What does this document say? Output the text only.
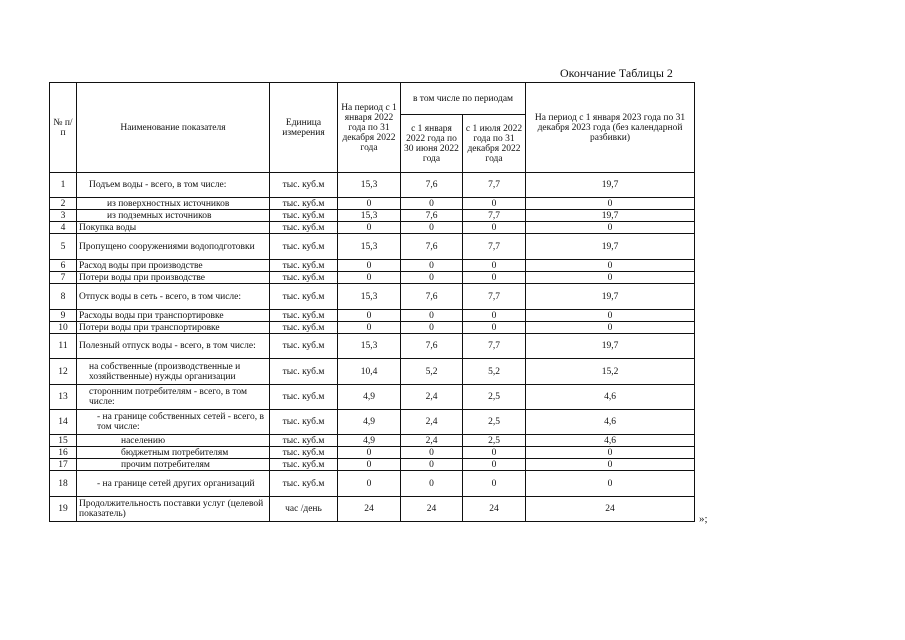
Окончание Таблицы 2
№ п/п	Наименование показателя	Единица измерения	На период с 1 января 2022 года по 31 декабря 2022 года	в том числе по периодам		На период с 1 января 2023 года по 31 декабря 2023 года (без календарной разбивки)
				с 1 января 2022 года по 30 июня 2022 года	с 1 июля 2022 года по 31 декабря 2022 года	
1	Подъем воды - всего, в том числе:	тыс. куб.м	15,3	7,6	7,7	19,7
2	из поверхностных источников	тыс. куб.м	0	0	0	0
3	из подземных источников	тыс. куб.м	15,3	7,6	7,7	19,7
4	Покупка воды	тыс. куб.м	0	0	0	0
5	Пропущено сооружениями водоподготовки	тыс. куб.м	15,3	7,6	7,7	19,7
6	Расход воды при производстве	тыс. куб.м	0	0	0	0
7	Потери воды при производстве	тыс. куб.м	0	0	0	0
8	Отпуск воды в сеть - всего, в том числе:	тыс. куб.м	15,3	7,6	7,7	19,7
9	Расходы воды при транспортировке	тыс. куб.м	0	0	0	0
10	Потери воды при транспортировке	тыс. куб.м	0	0	0	0
11	Полезный отпуск воды - всего, в том числе:	тыс. куб.м	15,3	7,6	7,7	19,7
12	на собственные (производственные и хозяйственные) нужды организации	тыс. куб.м	10,4	5,2	5,2	15,2
13	сторонним потребителям - всего, в том числе:	тыс. куб.м	4,9	2,4	2,5	4,6
14	- на границе собственных сетей - всего, в том числе:	тыс. куб.м	4,9	2,4	2,5	4,6
15	населению	тыс. куб.м	4,9	2,4	2,5	4,6
16	бюджетным потребителям	тыс. куб.м	0	0	0	0
17	прочим потребителям	тыс. куб.м	0	0	0	0
18	- на границе сетей других организаций	тыс. куб.м	0	0	0	0
19	Продолжительность поставки услуг (целевой показатель)	час /день	24	24	24	24
»;
